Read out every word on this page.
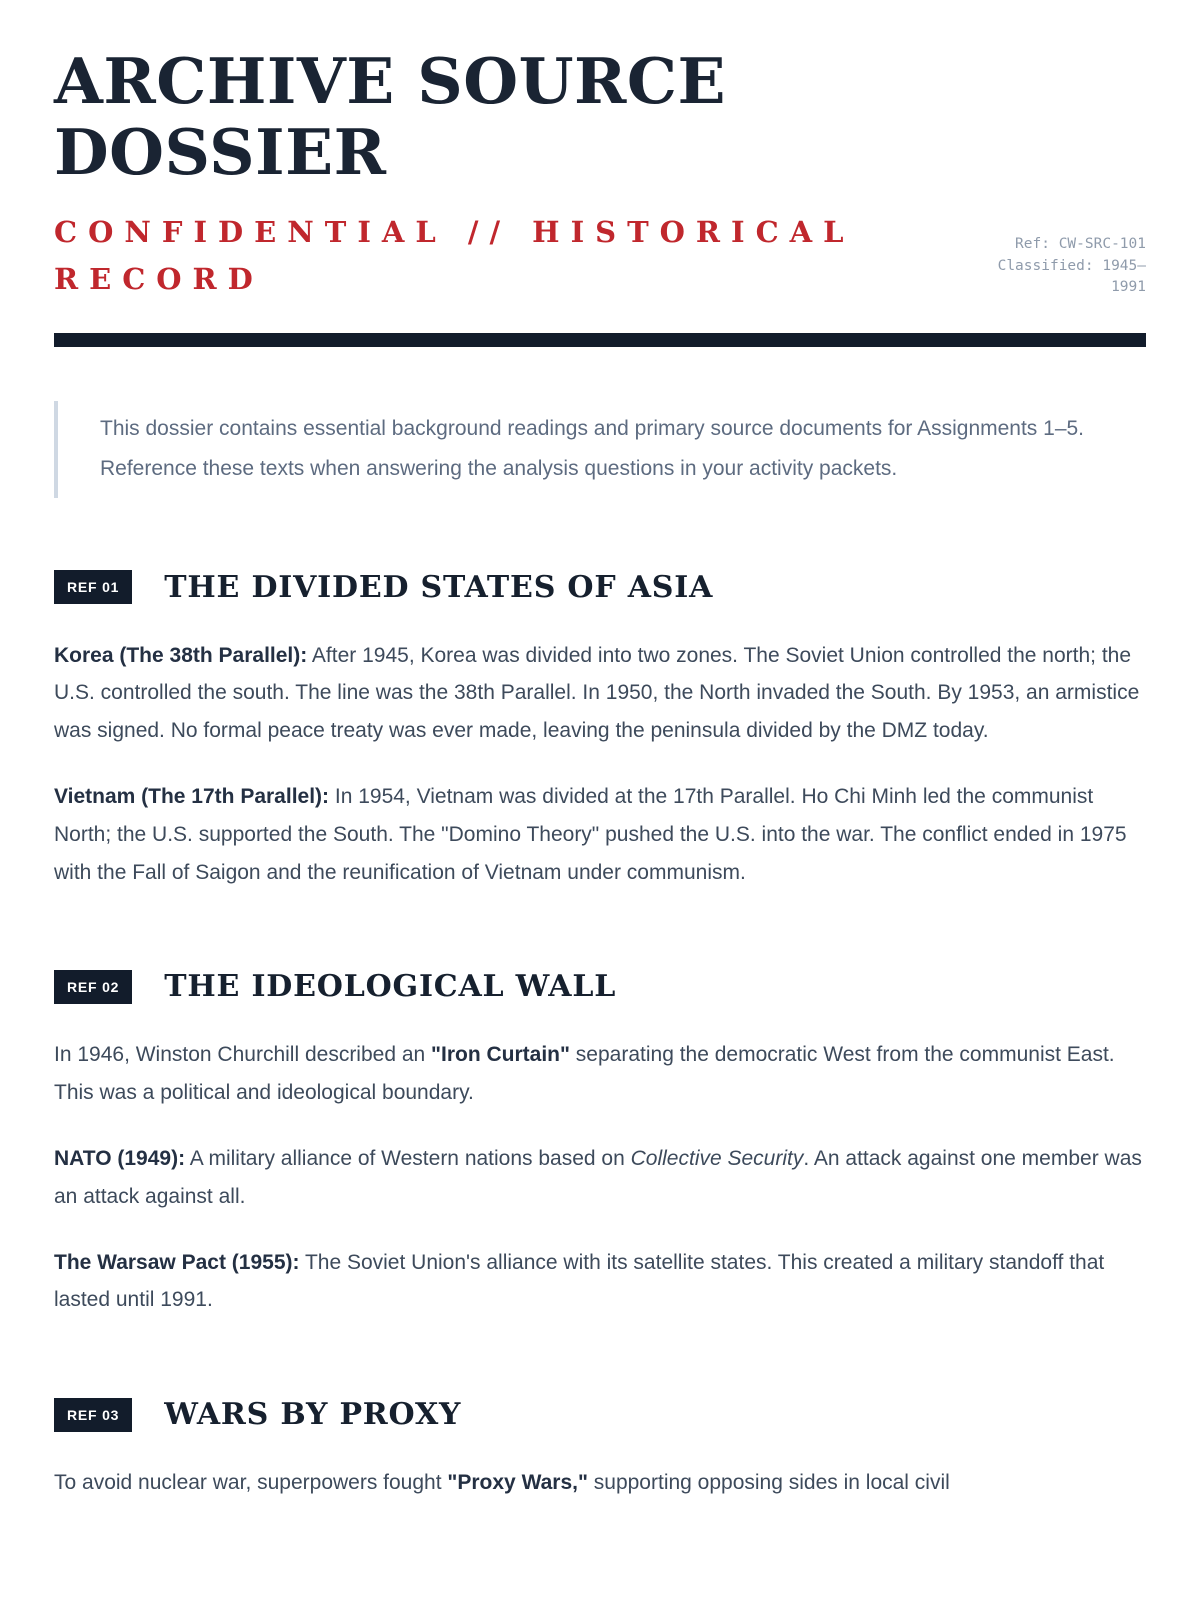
ARCHIVE SOURCE DOSSIER
CONFIDENTIAL // HISTORICAL RECORD
Ref: CW-SRC-101
Classified: 1945–1991

This dossier contains essential background readings and primary source documents for Assignments 1–5. Reference these texts when answering the analysis questions in your activity packets.

REF 01	THE DIVIDED STATES OF ASIA

Korea (The 38th Parallel): After 1945, Korea was divided into two zones. The Soviet Union controlled the north; the U.S. controlled the south. The line was the 38th Parallel. In 1950, the North invaded the South. By 1953, an armistice was signed. No formal peace treaty was ever made, leaving the peninsula divided by the DMZ today.

Vietnam (The 17th Parallel): In 1954, Vietnam was divided at the 17th Parallel. Ho Chi Minh led the communist North; the U.S. supported the South. The "Domino Theory" pushed the U.S. into the war. The conflict ended in 1975 with the Fall of Saigon and the reunification of Vietnam under communism.

REF 02	THE IDEOLOGICAL WALL

In 1946, Winston Churchill described an "Iron Curtain" separating the democratic West from the communist East. This was a political and ideological boundary.

NATO (1949): A military alliance of Western nations based on Collective Security. An attack against one member was an attack against all.

The Warsaw Pact (1955): The Soviet Union's alliance with its satellite states. This created a military standoff that lasted until 1991.

REF 03	WARS BY PROXY

To avoid nuclear war, superpowers fought "Proxy Wars," supporting opposing sides in local civil
